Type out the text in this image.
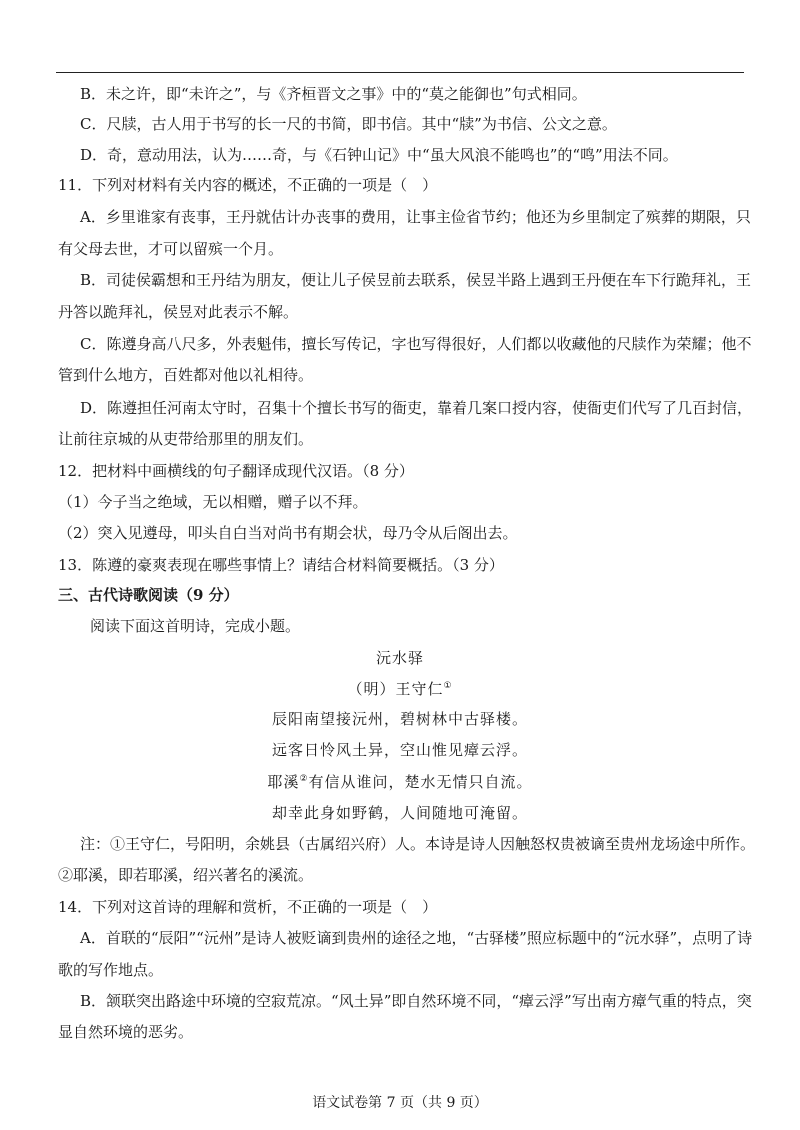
B．未之许，即“未许之”，与《齐桓晋文之事》中的“莫之能御也”句式相同。
C．尺牍，古人用于书写的长一尺的书简，即书信。其中“牍”为书信、公文之意。
D．奇，意动用法，认为……奇，与《石钟山记》中“虽大风浪不能鸣也”的“鸣”用法不同。
11．下列对材料有关内容的概述，不正确的一项是（　）
A．乡里谁家有丧事，王丹就估计办丧事的费用，让事主俭省节约；他还为乡里制定了殡葬的期限，只
有父母去世，才可以留殡一个月。
B．司徒侯霸想和王丹结为朋友，便让儿子侯昱前去联系，侯昱半路上遇到王丹便在车下行跪拜礼，王
丹答以跪拜礼，侯昱对此表示不解。
C．陈遵身高八尺多，外表魁伟，擅长写传记，字也写得很好，人们都以收藏他的尺牍作为荣耀；他不
管到什么地方，百姓都对他以礼相待。
D．陈遵担任河南太守时，召集十个擅长书写的衙吏，靠着几案口授内容，使衙吏们代写了几百封信，
让前往京城的从吏带给那里的朋友们。
12．把材料中画横线的句子翻译成现代汉语。（8 分）
（1）今子当之绝域，无以相赠，赠子以不拜。
（2）突入见遵母，叩头自白当对尚书有期会状，母乃令从后阁出去。
13．陈遵的豪爽表现在哪些事情上？请结合材料简要概括。（3 分）
三、古代诗歌阅读（9 分）
阅读下面这首明诗，完成小题。
沅水驿
（明）王守仁①
辰阳南望接沅州，碧树林中古驿楼。
远客日怜风土异，空山惟见瘴云浮。
耶溪②有信从谁问，楚水无情只自流。
却幸此身如野鹤，人间随地可淹留。
注：①王守仁，号阳明，余姚县（古属绍兴府）人。本诗是诗人因触怒权贵被谪至贵州龙场途中所作。
②耶溪，即若耶溪，绍兴著名的溪流。
14．下列对这首诗的理解和赏析，不正确的一项是（　）
A．首联的“辰阳”“沅州”是诗人被贬谪到贵州的途径之地，“古驿楼”照应标题中的“沅水驿”，点明了诗
歌的写作地点。
B．颔联突出路途中环境的空寂荒凉。“风土异”即自然环境不同，“瘴云浮”写出南方瘴气重的特点，突
显自然环境的恶劣。
语文试卷第 7 页（共 9 页）
